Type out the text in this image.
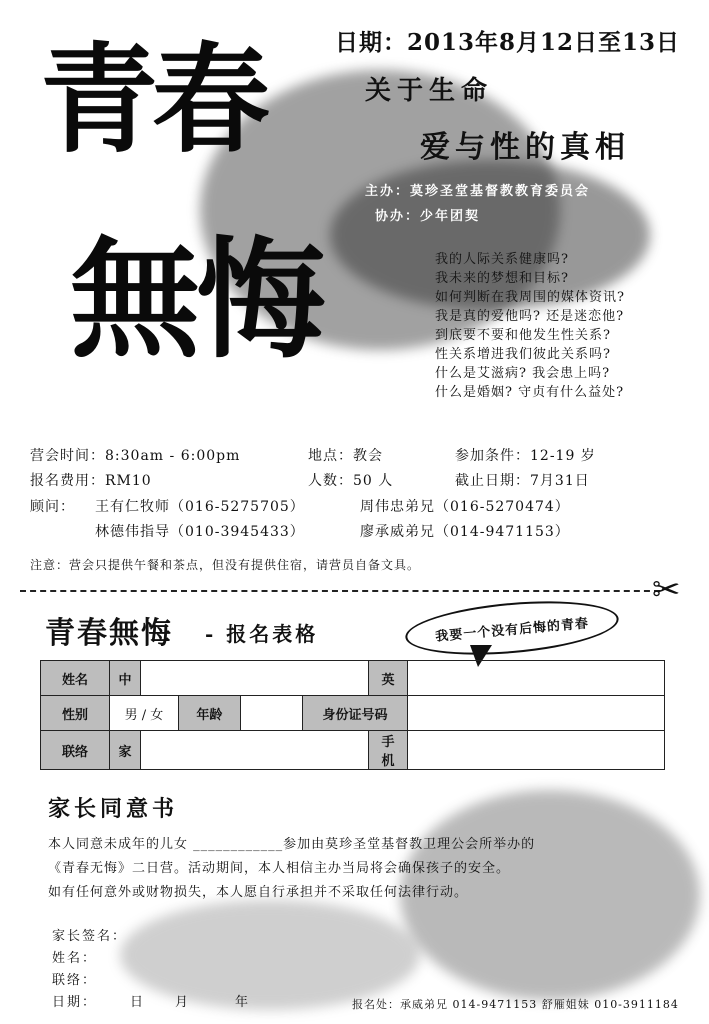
日期：2013年8月12日至13日
青春
無悔
关于生命
爱与性的真相
主办：莫珍圣堂基督教教育委员会
协办：少年团契
我的人际关系健康吗?
我未来的梦想和目标?
如何判断在我周围的媒体资讯?
我是真的爱他吗? 还是迷恋他?
到底要不要和他发生性关系?
性关系增进我们彼此关系吗?
什么是艾滋病? 我会患上吗?
什么是婚姻? 守贞有什么益处?
营会时间：8:30am - 6:00pm	地点：教会	参加条件：12-19 岁
报名费用：RM10	人数：50 人	截止日期：7月31日
顾问： 王有仁牧师（016-5275705）	周伟忠弟兄（016-5270474）
林德伟指导（010-3945433）	廖承威弟兄（014-9471153）
注意：营会只提供午餐和茶点，但没有提供住宿，请营员自备文具。
✂
青春無悔 - 报名表格	我要一个没有后悔的青春
姓名	中					英	
性别	男 / 女		年龄		身份证号码		
联络	家					手机	
家长同意书
本人同意未成年的儿女 ____________参加由莫珍圣堂基督教卫理公会所举办的
《青春无悔》二日营。活动期间，本人相信主办当局将会确保孩子的安全。
如有任何意外或财物损失，本人愿自行承担并不采取任何法律行动。
家长签名：
姓名：
联络：
日期：	日　　月　　　年	报名处：承威弟兄 014-9471153 舒雁姐妹 010-3911184
